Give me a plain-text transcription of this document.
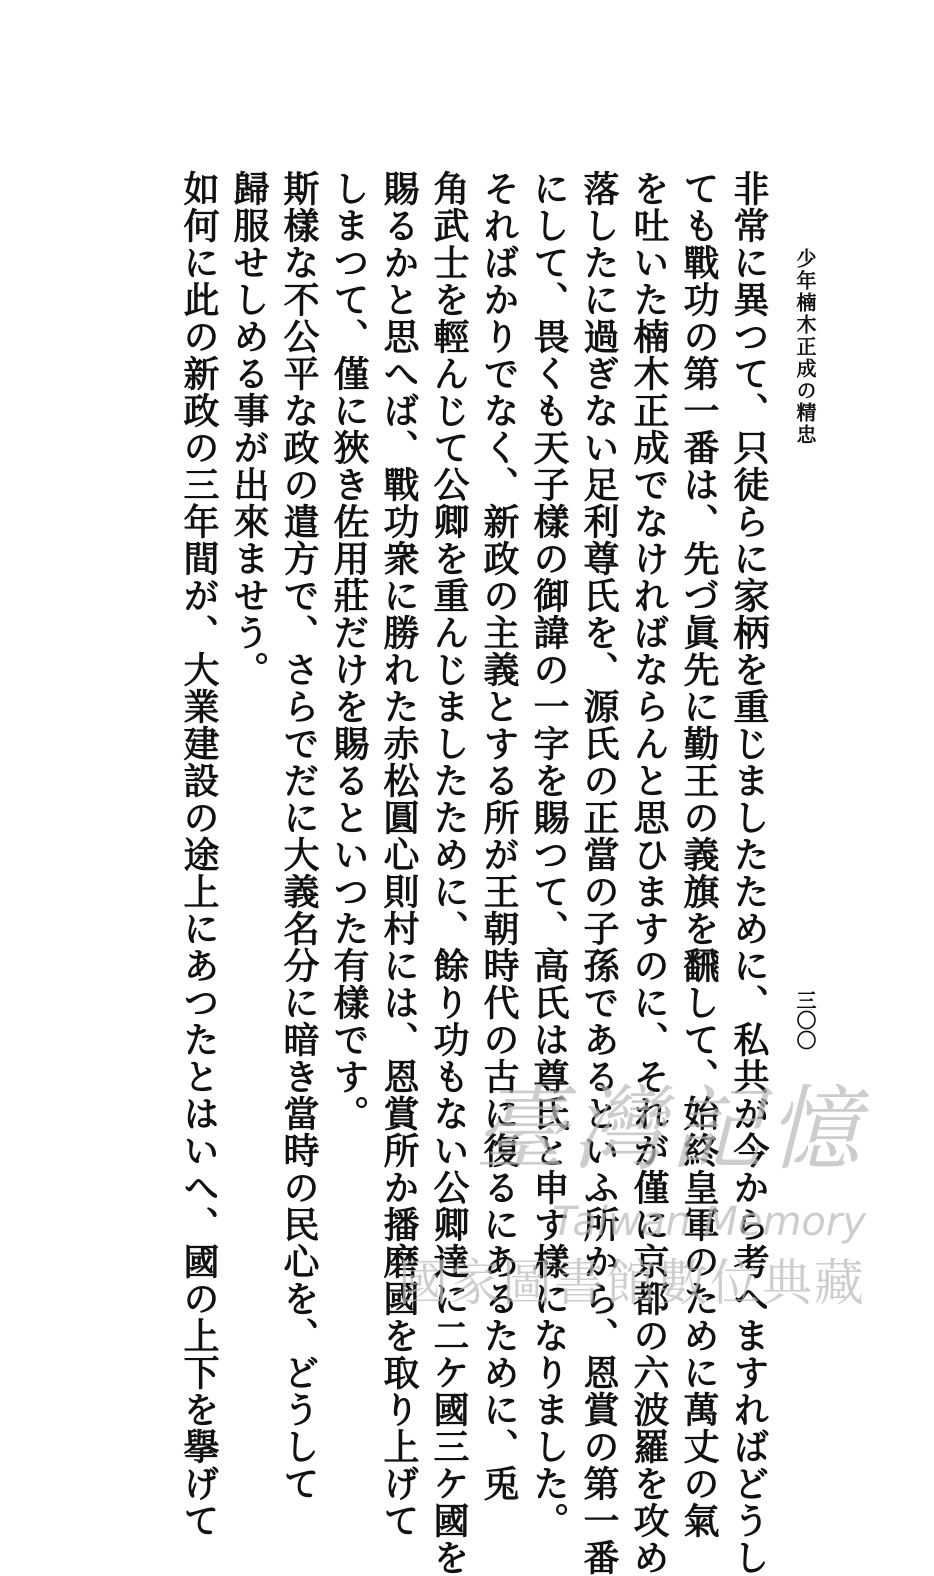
少年楠木正成の精忠
三〇〇

非常に異つて、只徒らに家柄を重じましたために、私共が今から考へますればどうし

ても戰功の第一番は、先づ眞先に勤王の義旗を飜して、始終皇軍のために萬丈の氣

を吐いた楠木正成でなければならんと思ひますのに、それが僅に京都の六波羅を攻め

落したに過ぎない足利尊氏を、源氏の正當の子孫であるといふ所から、恩賞の第一番

にして、畏くも天子樣の御諱の一字を賜つて、高氏は尊氏と申す樣になりました。

そればかりでなく、新政の主義とする所が王朝時代の古に復るにあるために、兎

角武士を輕んじて公卿を重んじましたために、餘り功もない公卿達に二ケ國三ケ國を

賜るかと思へば、戰功衆に勝れた赤松圓心則村には、恩賞所か播磨國を取り上げて

しまつて、僅に狹き佐用莊だけを賜るといつた有樣です。

斯樣な不公平な政の遣方で、さらでだに大義名分に暗き當時の民心を、どうして

歸服せしめる事が出來ませう。

如何に此の新政の三年間が、大業建設の途上にあつたとはいへ、國の上下を擧げて	臺灣記憶
Taiwan Memory
國家圖書館數位典藏
